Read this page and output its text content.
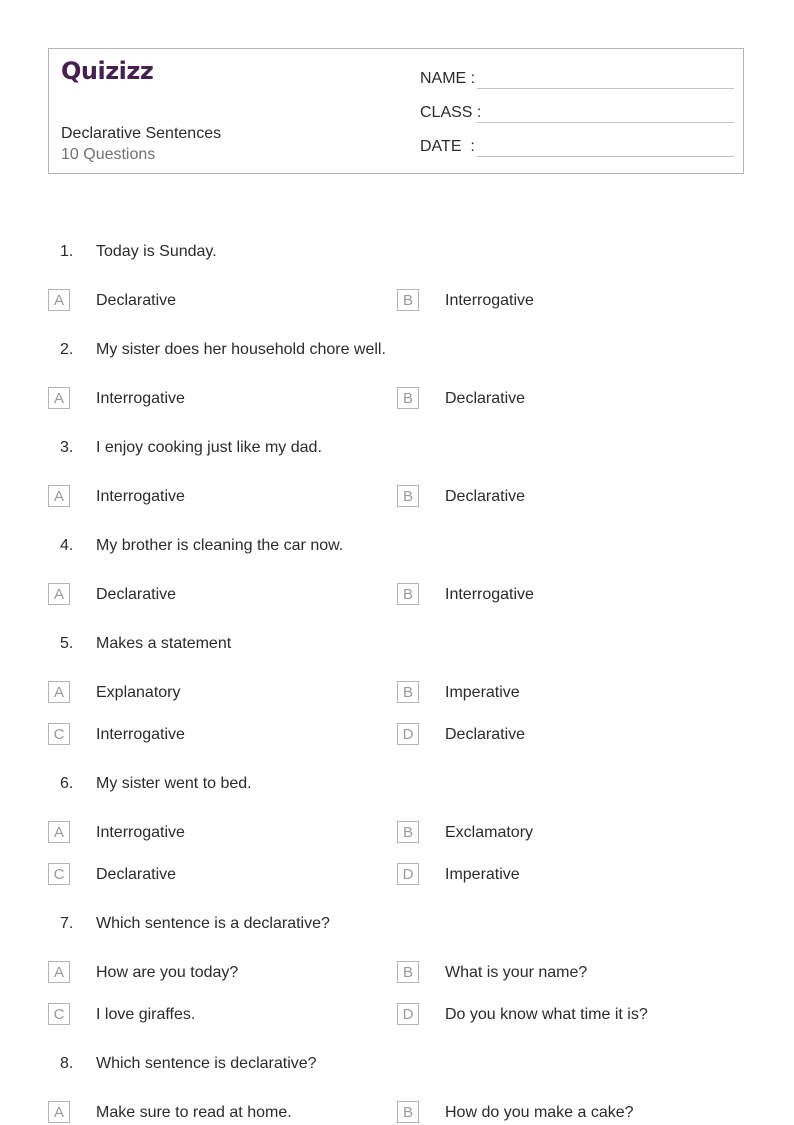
Quizizz
Declarative Sentences
10 Questions
NAME :
CLASS :
DATE  :
1. Today is Sunday.
A	Declarative	B	Interrogative
2. My sister does her household chore well.
A	Interrogative	B	Declarative
3. I enjoy cooking just like my dad.
A	Interrogative	B	Declarative
4. My brother is cleaning the car now.
A	Declarative	B	Interrogative
5. Makes a statement
A	Explanatory	B	Imperative
C	Interrogative	D	Declarative
6. My sister went to bed.
A	Interrogative	B	Exclamatory
C	Declarative	D	Imperative
7. Which sentence is a declarative?
A	How are you today?	B	What is your name?
C	I love giraffes.	D	Do you know what time it is?
8. Which sentence is declarative?
A	Make sure to read at home.	B	How do you make a cake?
